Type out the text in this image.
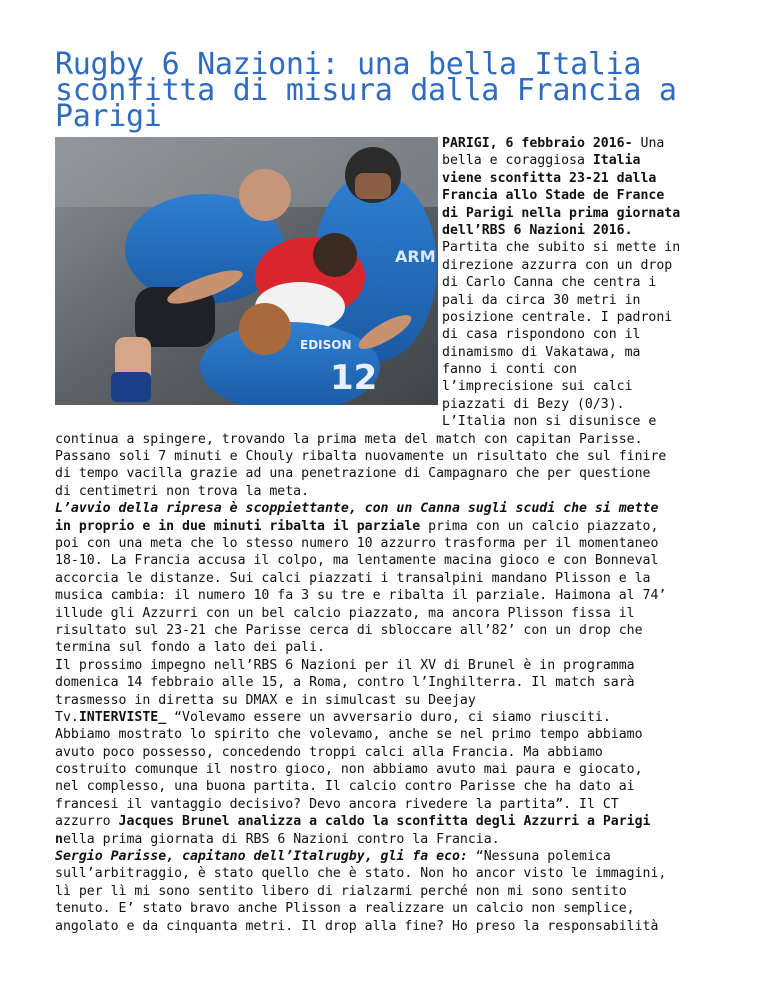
Rugby 6 Nazioni: una bella Italia
sconfitta di misura dalla Francia a
Parigi
ARM
12
EDISON
PARIGI, 6 febbraio 2016- Una
bella e coraggiosa Italia
viene sconfitta 23-21 dalla
Francia allo Stade de France
di Parigi nella prima giornata
dell’RBS 6 Nazioni 2016.
Partita che subito si mette in
direzione azzurra con un drop
di Carlo Canna che centra i
pali da circa 30 metri in
posizione centrale. I padroni
di casa rispondono con il
dinamismo di Vakatawa, ma
fanno i conti con
l’imprecisione sui calci
piazzati di Bezy (0/3).
L’Italia non si disunisce e
continua a spingere, trovando la prima meta del match con capitan Parisse.
Passano soli 7 minuti e Chouly ribalta nuovamente un risultato che sul finire
di tempo vacilla grazie ad una penetrazione di Campagnaro che per questione
di centimetri non trova la meta.
L’avvio della ripresa è scoppiettante, con un Canna sugli scudi che si mette
in proprio e in due minuti ribalta il parziale prima con un calcio piazzato,
poi con una meta che lo stesso numero 10 azzurro trasforma per il momentaneo
18-10. La Francia accusa il colpo, ma lentamente macina gioco e con Bonneval
accorcia le distanze. Sui calci piazzati i transalpini mandano Plisson e la
musica cambia: il numero 10 fa 3 su tre e ribalta il parziale. Haimona al 74’
illude gli Azzurri con un bel calcio piazzato, ma ancora Plisson fissa il
risultato sul 23-21 che Parisse cerca di sbloccare all’82’ con un drop che
termina sul fondo a lato dei pali.
Il prossimo impegno nell’RBS 6 Nazioni per il XV di Brunel è in programma
domenica 14 febbraio alle 15, a Roma, contro l’Inghilterra. Il match sarà
trasmesso in diretta su DMAX e in simulcast su Deejay
Tv.INTERVISTE_ “Volevamo essere un avversario duro, ci siamo riusciti.
Abbiamo mostrato lo spirito che volevamo, anche se nel primo tempo abbiamo
avuto poco possesso, concedendo troppi calci alla Francia. Ma abbiamo
costruito comunque il nostro gioco, non abbiamo avuto mai paura e giocato,
nel complesso, una buona partita. Il calcio contro Parisse che ha dato ai
francesi il vantaggio decisivo? Devo ancora rivedere la partita”. Il CT
azzurro Jacques Brunel analizza a caldo la sconfitta degli Azzurri a Parigi
nella prima giornata di RBS 6 Nazioni contro la Francia.
Sergio Parisse, capitano dell’Italrugby, gli fa eco: “Nessuna polemica
sull’arbitraggio, è stato quello che è stato. Non ho ancor visto le immagini,
lì per lì mi sono sentito libero di rialzarmi perché non mi sono sentito
tenuto. E’ stato bravo anche Plisson a realizzare un calcio non semplice,
angolato e da cinquanta metri. Il drop alla fine? Ho preso la responsabilità
